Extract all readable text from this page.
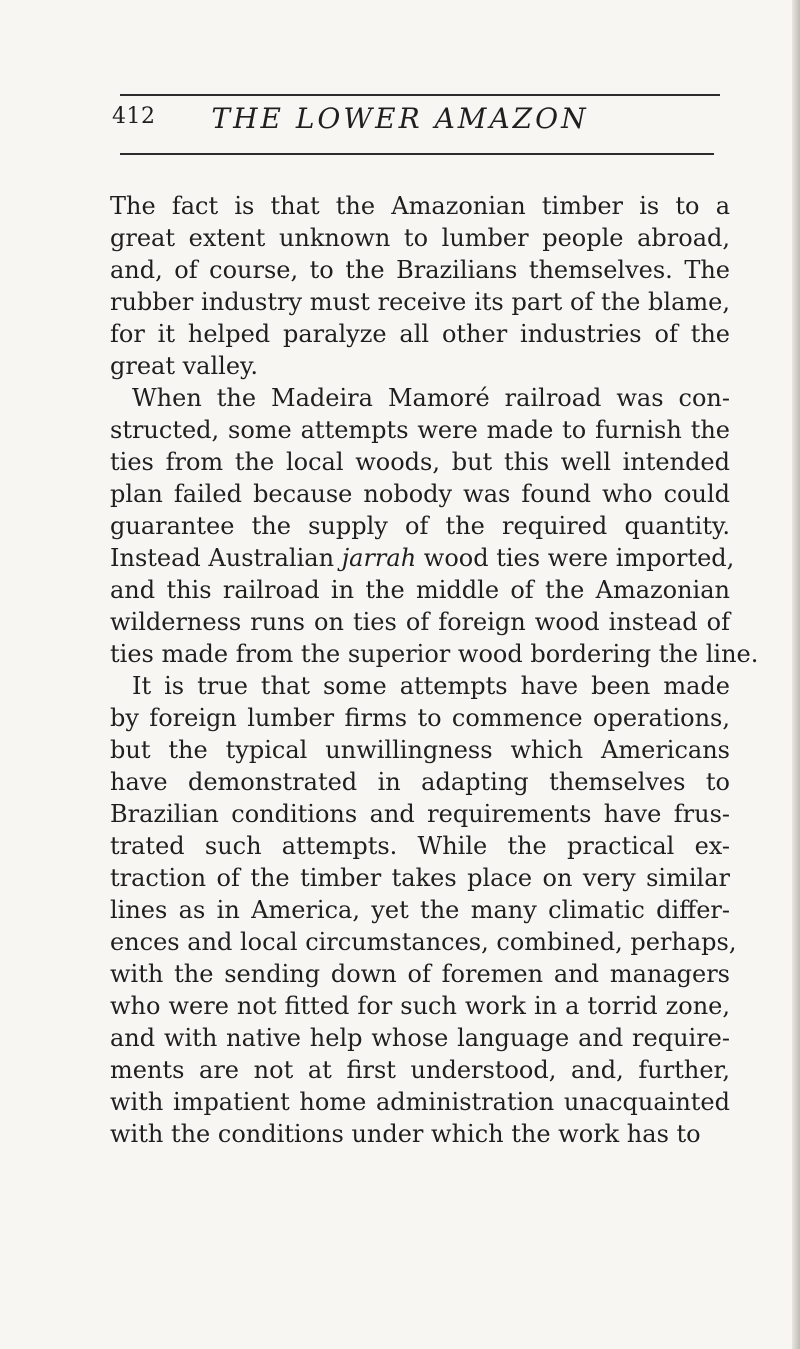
412	THE LOWER AMAZON
The fact is that the Amazonian timber is to a
great extent unknown to lumber people abroad,
and, of course, to the Brazilians themselves. The
rubber industry must receive its part of the blame,
for it helped paralyze all other industries of the
great valley.
When the Madeira Mamoré railroad was con-
structed, some attempts were made to furnish the
ties from the local woods, but this well intended
plan failed because nobody was found who could
guarantee the supply of the required quantity.
Instead Australian jarrah wood ties were imported,
and this railroad in the middle of the Amazonian
wilderness runs on ties of foreign wood instead of
ties made from the superior wood bordering the line.
It is true that some attempts have been made
by foreign lumber firms to commence operations,
but the typical unwillingness which Americans
have demonstrated in adapting themselves to
Brazilian conditions and requirements have frus-
trated such attempts. While the practical ex-
traction of the timber takes place on very similar
lines as in America, yet the many climatic differ-
ences and local circumstances, combined, perhaps,
with the sending down of foremen and managers
who were not fitted for such work in a torrid zone,
and with native help whose language and require-
ments are not at first understood, and, further,
with impatient home administration unacquainted
with the conditions under which the work has to
